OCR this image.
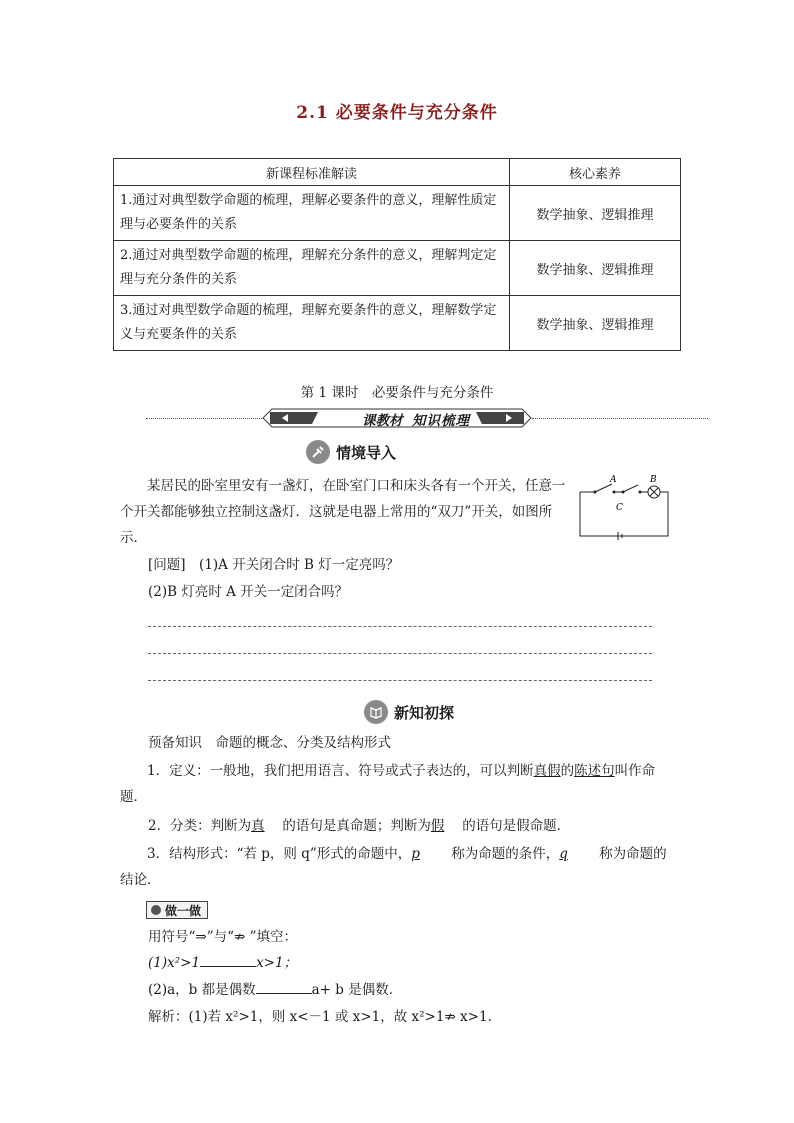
2.1 必要条件与充分条件
新课程标准解读	核心素养
1.通过对典型数学命题的梳理，理解必要条件的意义，理解性质定理与必要条件的关系	数学抽象、逻辑推理
2.通过对典型数学命题的梳理，理解充分条件的意义，理解判定定理与充分条件的关系	数学抽象、逻辑推理
3.通过对典型数学命题的梳理，理解充要条件的意义，理解数学定义与充要条件的关系	数学抽象、逻辑推理
第 1 课时　必要条件与充分条件
课教材 知识梳理
情境导入

某居民的卧室里安有一盏灯，在卧室门口和床头各有一个开关，任意一个开关都能够独立控制这盏灯．这就是电器上常用的“双刀”开关，如图所示．

A	B
C

[问题]　 (1)A 开关闭合时 B 灯一定亮吗？

(2)B 灯亮时 A 开关一定闭合吗？

新知初探

预备知识　命题的概念、分类及结构形式

1．定义：一般地，我们把用语言、符号或式子表达的，可以判断真假的陈述句叫作命题．

2．分类：判断为真　 的语句是真命题；判断为假　 的语句是假命题．

3．结构形式：“若 p，则 q”形式的命题中，p　　 称为命题的条件，q　　 称为命题的结论．

做一做

用符号“⇒”与“⇏ ”填空：

(1)x²>1	x>1；

(2)a，b 都是偶数	a+ b 是偶数．

解析：(1)若 x²>1，则 x<－1 或 x>1，故 x²>1⇏ x>1.
